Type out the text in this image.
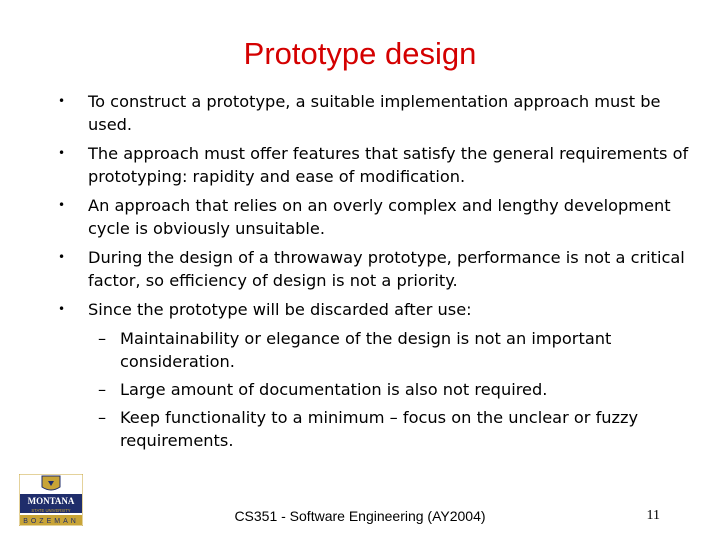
Prototype design
• To construct a prototype, a suitable implementation approach must be used.
• The approach must offer features that satisfy the general requirements of prototyping: rapidity and ease of modification.
• An approach that relies on an overly complex and lengthy development cycle is obviously unsuitable.
• During the design of a throwaway prototype, performance is not a critical factor, so efficiency of design is not a priority.
• Since the prototype will be discarded after use:
– Maintainability or elegance of the design is not an important consideration.
– Large amount of documentation is also not required.
– Keep functionality to a minimum – focus on the unclear or fuzzy requirements.
MONTANA
STATE UNIVERSITY
BOZEMAN	CS351 - Software Engineering (AY2004)	11
